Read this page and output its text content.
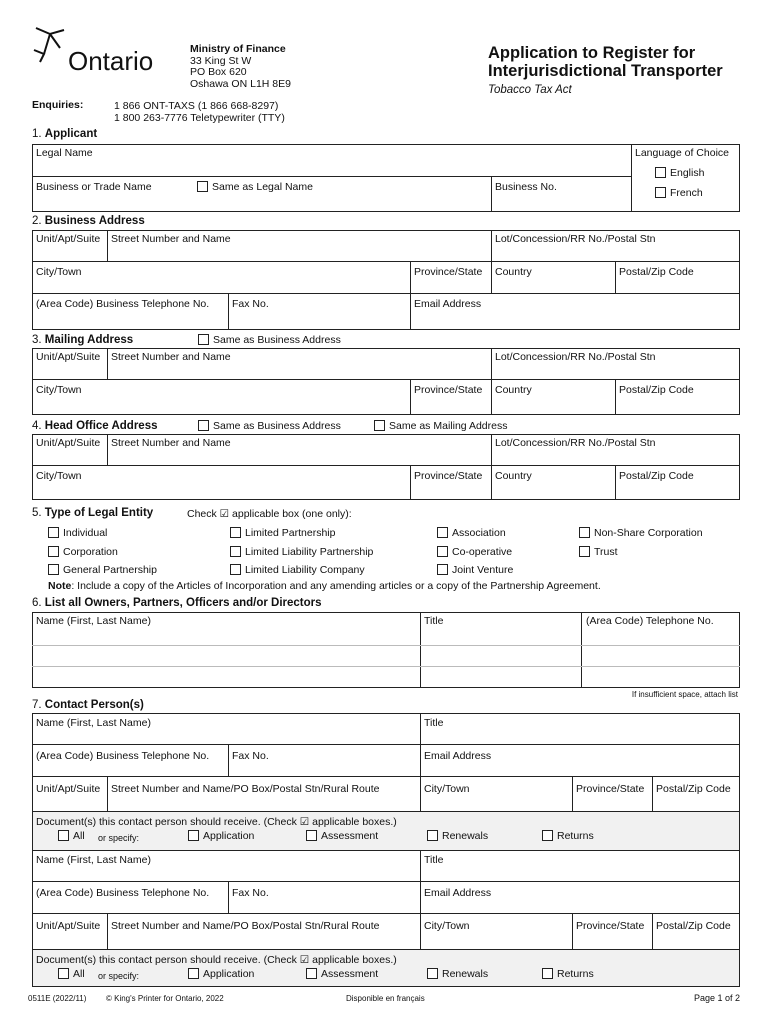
Ontario	Ministry of Finance
33 King St W
PO Box 620
Oshawa ON L1H 8E9
Enquiries:	1 866 ONT-TAXS (1 866 668-8297)
1 800 263-7776 Teletypewriter (TTY)
Application to Register for
Interjurisdictional Transporter
Tobacco Tax Act
1. Applicant
Legal Name
Business or Trade Name	Same as Legal Name	Business No.
Language of Choice
English
French
2. Business Address
Unit/Apt/Suite	Street Number and Name	Lot/Concession/RR No./Postal Stn
City/Town	Province/State	Country	Postal/Zip Code
(Area Code) Business Telephone No.	Fax No.	Email Address
3. Mailing Address	Same as Business Address
Unit/Apt/Suite	Street Number and Name	Lot/Concession/RR No./Postal Stn
City/Town	Province/State	Country	Postal/Zip Code
4. Head Office Address	Same as Business Address	Same as Mailing Address
Unit/Apt/Suite	Street Number and Name	Lot/Concession/RR No./Postal Stn
City/Town	Province/State	Country	Postal/Zip Code
5. Type of Legal Entity	Check ☑ applicable box (one only):
Individual
Corporation
General Partnership
Limited Partnership
Limited Liability Partnership
Limited Liability Company
Association
Co-operative
Joint Venture
Non-Share Corporation
Trust
Note: Include a copy of the Articles of Incorporation and any amending articles or a copy of the Partnership Agreement.
6. List all Owners, Partners, Officers and/or Directors
Name (First, Last Name)	Title	(Area Code) Telephone No.
If insufficient space, attach list
7. Contact Person(s)
Name (First, Last Name)	Title
(Area Code) Business Telephone No.	Fax No.	Email Address
Unit/Apt/Suite	Street Number and Name/PO Box/Postal Stn/Rural Route	City/Town	Province/State	Postal/Zip Code
Document(s) this contact person should receive. (Check ☑ applicable boxes.)
All or specify:	Application	Assessment	Renewals	Returns
Name (First, Last Name)	Title
(Area Code) Business Telephone No.	Fax No.	Email Address
Unit/Apt/Suite	Street Number and Name/PO Box/Postal Stn/Rural Route	City/Town	Province/State	Postal/Zip Code
Document(s) this contact person should receive. (Check ☑ applicable boxes.)
All or specify:	Application	Assessment	Renewals	Returns
0511E (2022/11) © King's Printer for Ontario, 2022	Disponible en français	Page 1 of 2
